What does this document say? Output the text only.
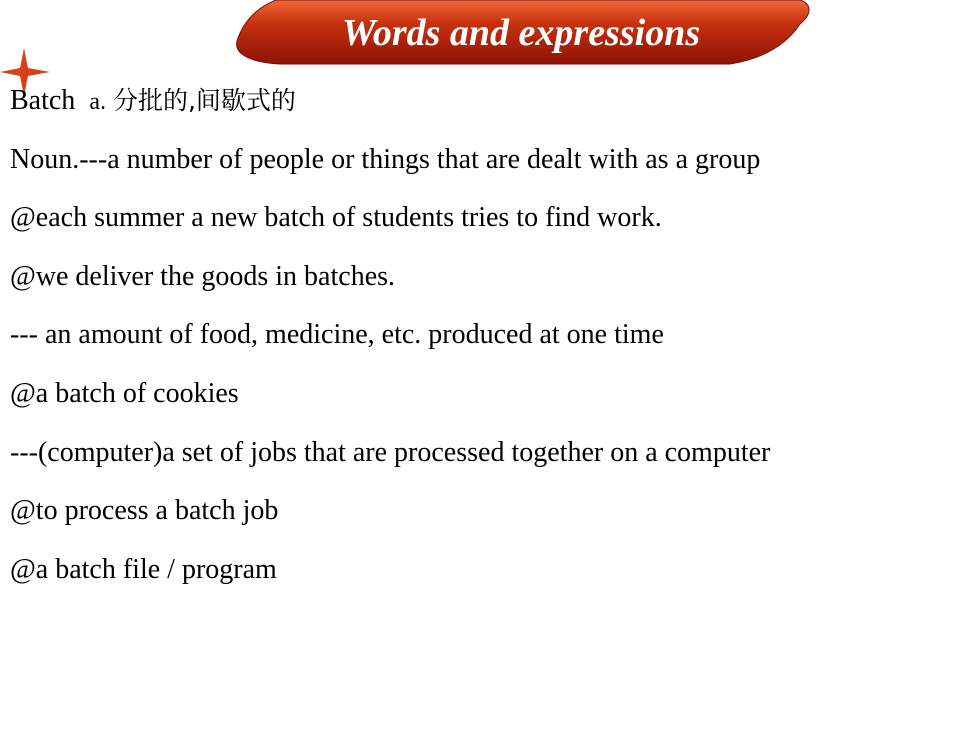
Words and expressions
Batch a. 分批的,间歇式的
Noun.---a number of people or things that are dealt with as a group
@each summer a new batch of students tries to find work.
@we deliver the goods in batches.
--- an amount of food, medicine, etc. produced at one time
@a batch of cookies
---(computer)a set of jobs that are processed together on a computer
@to process a batch job
@a batch file / program
